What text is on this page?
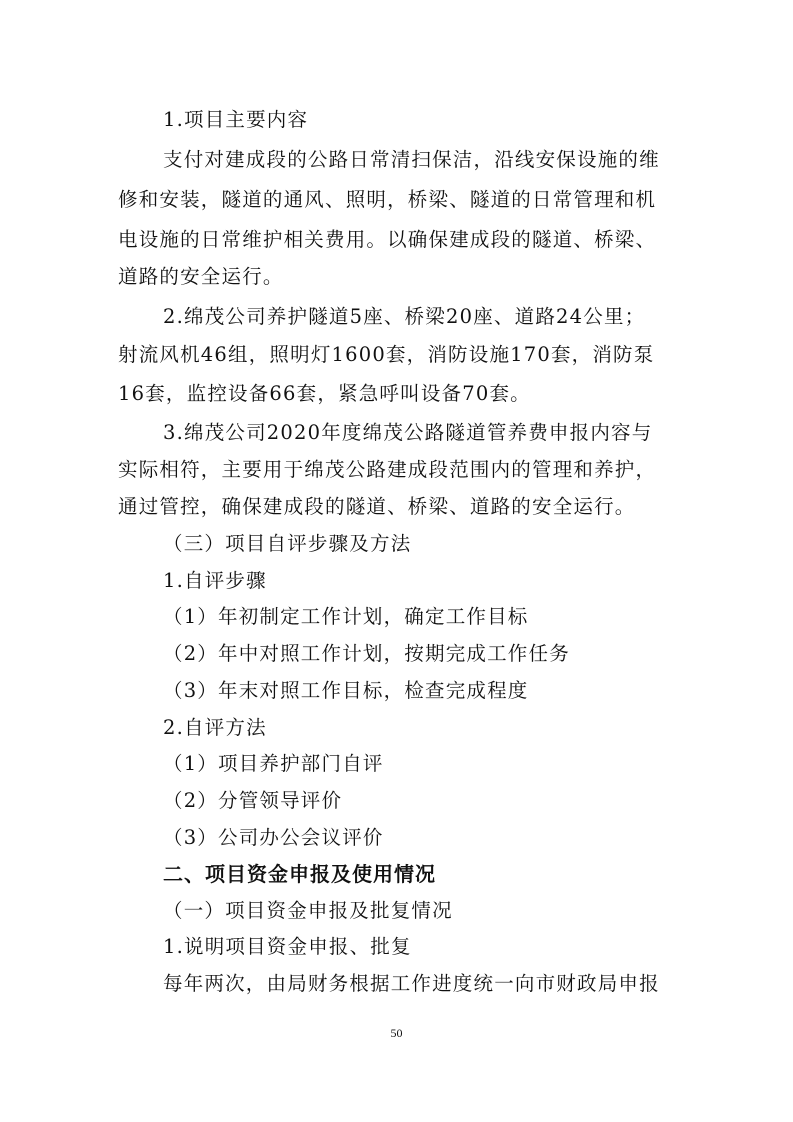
1.项目主要内容
支付对建成段的公路日常清扫保洁，沿线安保设施的维
修和安装，隧道的通风、照明，桥梁、隧道的日常管理和机
电设施的日常维护相关费用。以确保建成段的隧道、桥梁、
道路的安全运行。
2.绵茂公司养护隧道5座、桥梁20座、道路24公里；
射流风机46组，照明灯1600套，消防设施170套，消防泵
16套，监控设备66套，紧急呼叫设备70套。
3.绵茂公司2020年度绵茂公路隧道管养费申报内容与
实际相符，主要用于绵茂公路建成段范围内的管理和养护，
通过管控，确保建成段的隧道、桥梁、道路的安全运行。
（三）项目自评步骤及方法
1.自评步骤
（1）年初制定工作计划，确定工作目标
（2）年中对照工作计划，按期完成工作任务
（3）年末对照工作目标，检查完成程度
2.自评方法
（1）项目养护部门自评
（2）分管领导评价
（3）公司办公会议评价
二、项目资金申报及使用情况
（一）项目资金申报及批复情况
1.说明项目资金申报、批复
每年两次，由局财务根据工作进度统一向市财政局申报
50
